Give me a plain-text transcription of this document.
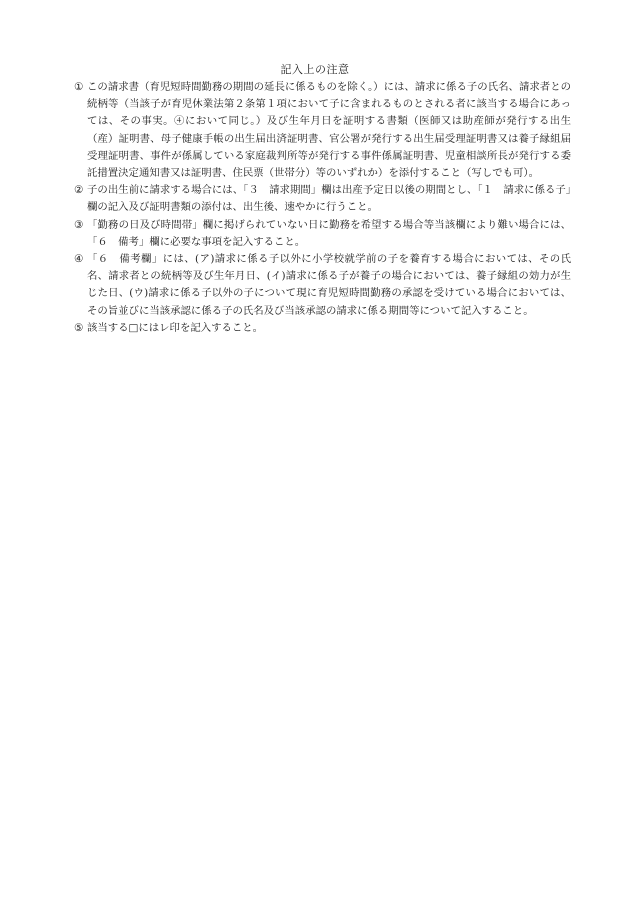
記入上の注意
① この請求書（育児短時間勤務の期間の延長に係るものを除く。）には、請求に係る子の氏名、請求者との続柄等（当該子が育児休業法第２条第１項において子に含まれるものとされる者に該当する場合にあっては、その事実。④において同じ。）及び生年月日を証明する書類（医師又は助産師が発行する出生（産）証明書、母子健康手帳の出生届出済証明書、官公署が発行する出生届受理証明書又は養子縁組届受理証明書、事件が係属している家庭裁判所等が発行する事件係属証明書、児童相談所長が発行する委託措置決定通知書又は証明書、住民票（世帯分）等のいずれか）を添付すること（写しでも可）。
② 子の出生前に請求する場合には、「３　請求期間」欄は出産予定日以後の期間とし、「１　請求に係る子」欄の記入及び証明書類の添付は、出生後、速やかに行うこと。
③ 「勤務の日及び時間帯」欄に掲げられていない日に勤務を希望する場合等当該欄により難い場合には、「６　備考」欄に必要な事項を記入すること。
④ 「６　備考欄」には、(ア)請求に係る子以外に小学校就学前の子を養育する場合においては、その氏名、請求者との続柄等及び生年月日、(イ)請求に係る子が養子の場合においては、養子縁組の効力が生じた日、(ウ)請求に係る子以外の子について現に育児短時間勤務の承認を受けている場合においては、その旨並びに当該承認に係る子の氏名及び当該承認の請求に係る期間等について記入すること。
⑤ 該当する□にはレ印を記入すること。
